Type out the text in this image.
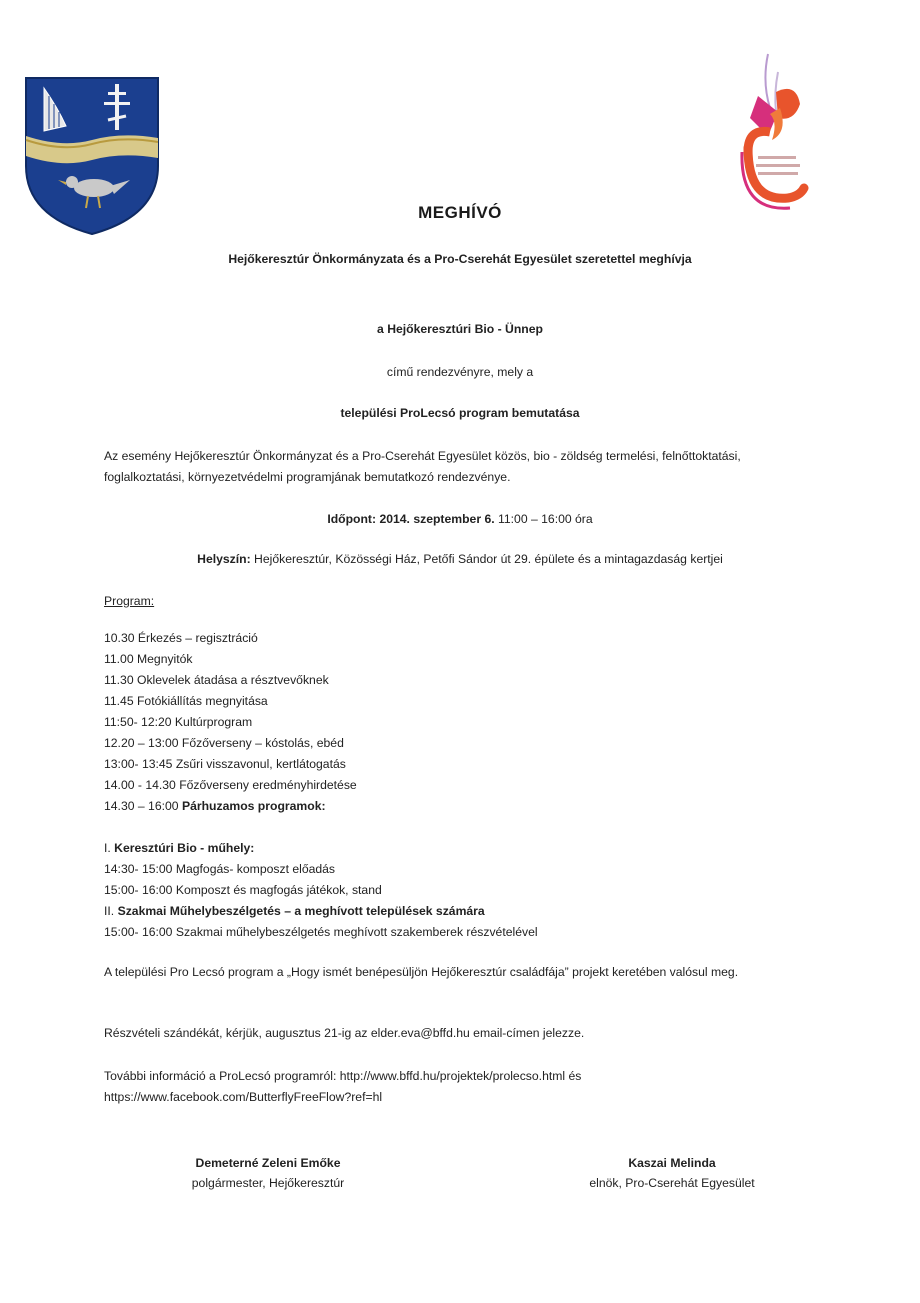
MEGHÍVÓ
Hejőkeresztúr Önkormányzata és a Pro-Cserehát Egyesület szeretettel meghívja
a Hejőkeresztúri Bio - Ünnep
című rendezvényre, mely a
települési ProLecsó program bemutatása

Az esemény Hejőkeresztúr Önkormányzat és a Pro-Cserehát Egyesület közös, bio - zöldség termelési, felnőttoktatási, foglalkoztatási, környezetvédelmi programjának bemutatkozó rendezvénye.

Időpont: 2014. szeptember 6. 11:00 – 16:00 óra
Helyszín: Hejőkeresztúr, Közösségi Ház, Petőfi Sándor út 29. épülete és a mintagazdaság kertjei
Program:
10.30 Érkezés – regisztráció
11.00 Megnyitók
11.30 Oklevelek átadása a résztvevőknek
11.45 Fotókiállítás megnyitása
11:50- 12:20 Kultúrprogram
12.20 – 13:00 Főzőverseny – kóstolás, ebéd
13:00- 13:45 Zsűri visszavonul, kertlátogatás
14.00 - 14.30 Főzőverseny eredményhirdetése
14.30 – 16:00 Párhuzamos programok:
I. Keresztúri Bio - műhely:
14:30- 15:00 Magfogás- komposzt előadás
15:00- 16:00 Komposzt és magfogás játékok, stand
II. Szakmai Műhelybeszélgetés – a meghívott települések számára
15:00- 16:00 Szakmai műhelybeszélgetés meghívott szakemberek részvételével

A települési Pro Lecsó program a „Hogy ismét benépesüljön Hejőkeresztúr családfája” projekt keretében valósul meg.

Részvételi szándékát, kérjük, augusztus 21-ig az elder.eva@bffd.hu email-címen jelezze.

További információ a ProLecsó programról: http://www.bffd.hu/projektek/prolecso.html és https://www.facebook.com/ButterflyFreeFlow?ref=hl

Demeterné Zeleni Emőke
polgármester, Hejőkeresztúr
Kaszai Melinda
elnök, Pro-Cserehát Egyesület
